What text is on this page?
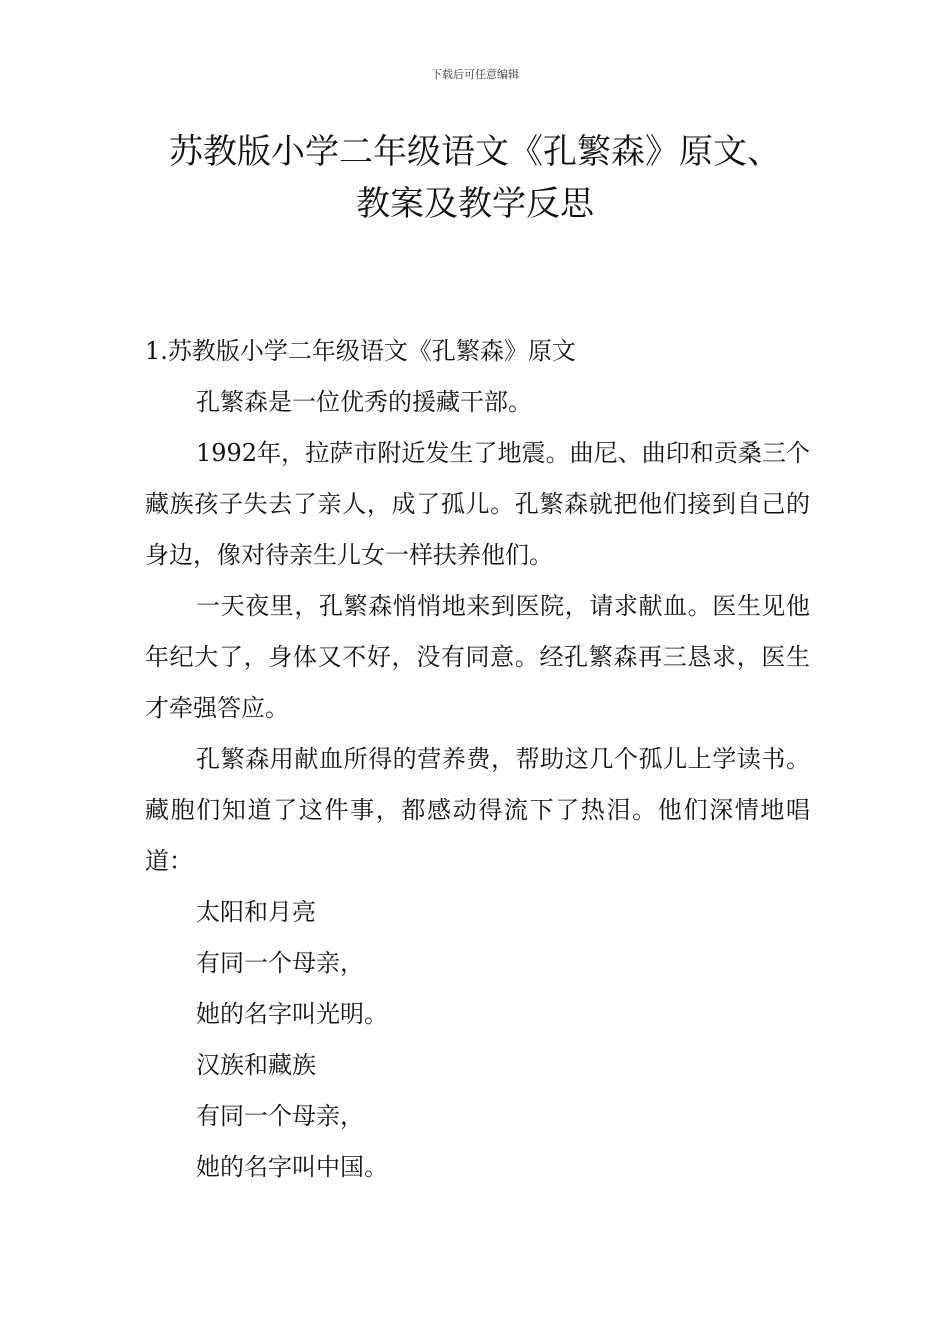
下载后可任意编辑
苏教版小学二年级语文《孔繁森》原文、
教案及教学反思

1.苏教版小学二年级语文《孔繁森》原文

孔繁森是一位优秀的援藏干部。

1992年，拉萨市附近发生了地震。曲尼、曲印和贡桑三个藏族孩子失去了亲人，成了孤儿。孔繁森就把他们接到自己的身边，像对待亲生儿女一样扶养他们。

一天夜里，孔繁森悄悄地来到医院，请求献血。医生见他年纪大了，身体又不好，没有同意。经孔繁森再三恳求，医生才牵强答应。

孔繁森用献血所得的营养费，帮助这几个孤儿上学读书。藏胞们知道了这件事，都感动得流下了热泪。他们深情地唱道：

太阳和月亮

有同一个母亲，

她的名字叫光明。

汉族和藏族

有同一个母亲，

她的名字叫中国。
